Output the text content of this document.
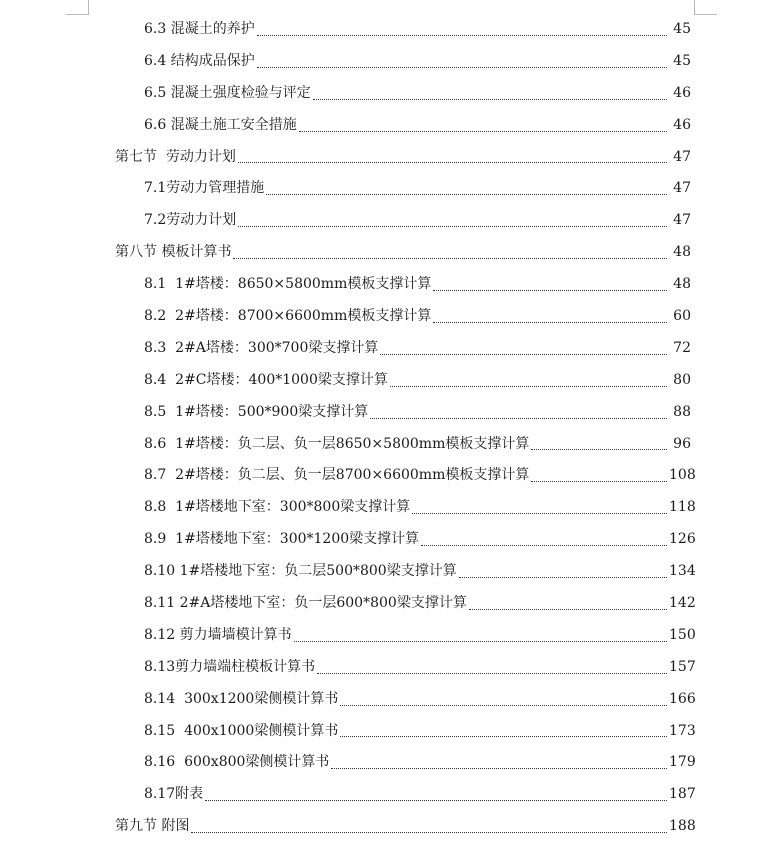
6.3 混凝土的养护	45
6.4 结构成品保护	45
6.5 混凝土强度检验与评定	46
6.6 混凝土施工安全措施	46
第七节  劳动力计划	47
7.1劳动力管理措施	47
7.2劳动力计划	47
第八节 模板计算书	48
8.1  1#塔楼：8650×5800mm模板支撑计算	48
8.2  2#塔楼：8700×6600mm模板支撑计算	60
8.3  2#A塔楼：300*700梁支撑计算	72
8.4  2#C塔楼：400*1000梁支撑计算	80
8.5  1#塔楼：500*900梁支撑计算	88
8.6  1#塔楼：负二层、负一层8650×5800mm模板支撑计算	96
8.7  2#塔楼：负二层、负一层8700×6600mm模板支撑计算	108
8.8  1#塔楼地下室：300*800梁支撑计算	118
8.9  1#塔楼地下室：300*1200梁支撑计算	126
8.10 1#塔楼地下室：负二层500*800梁支撑计算	134
8.11 2#A塔楼地下室：负一层600*800梁支撑计算	142
8.12 剪力墙墙模计算书	150
8.13剪力墙端柱模板计算书	157
8.14  300x1200梁侧模计算书	166
8.15  400x1000梁侧模计算书	173
8.16  600x800梁侧模计算书	179
8.17附表	187
第九节 附图	188
